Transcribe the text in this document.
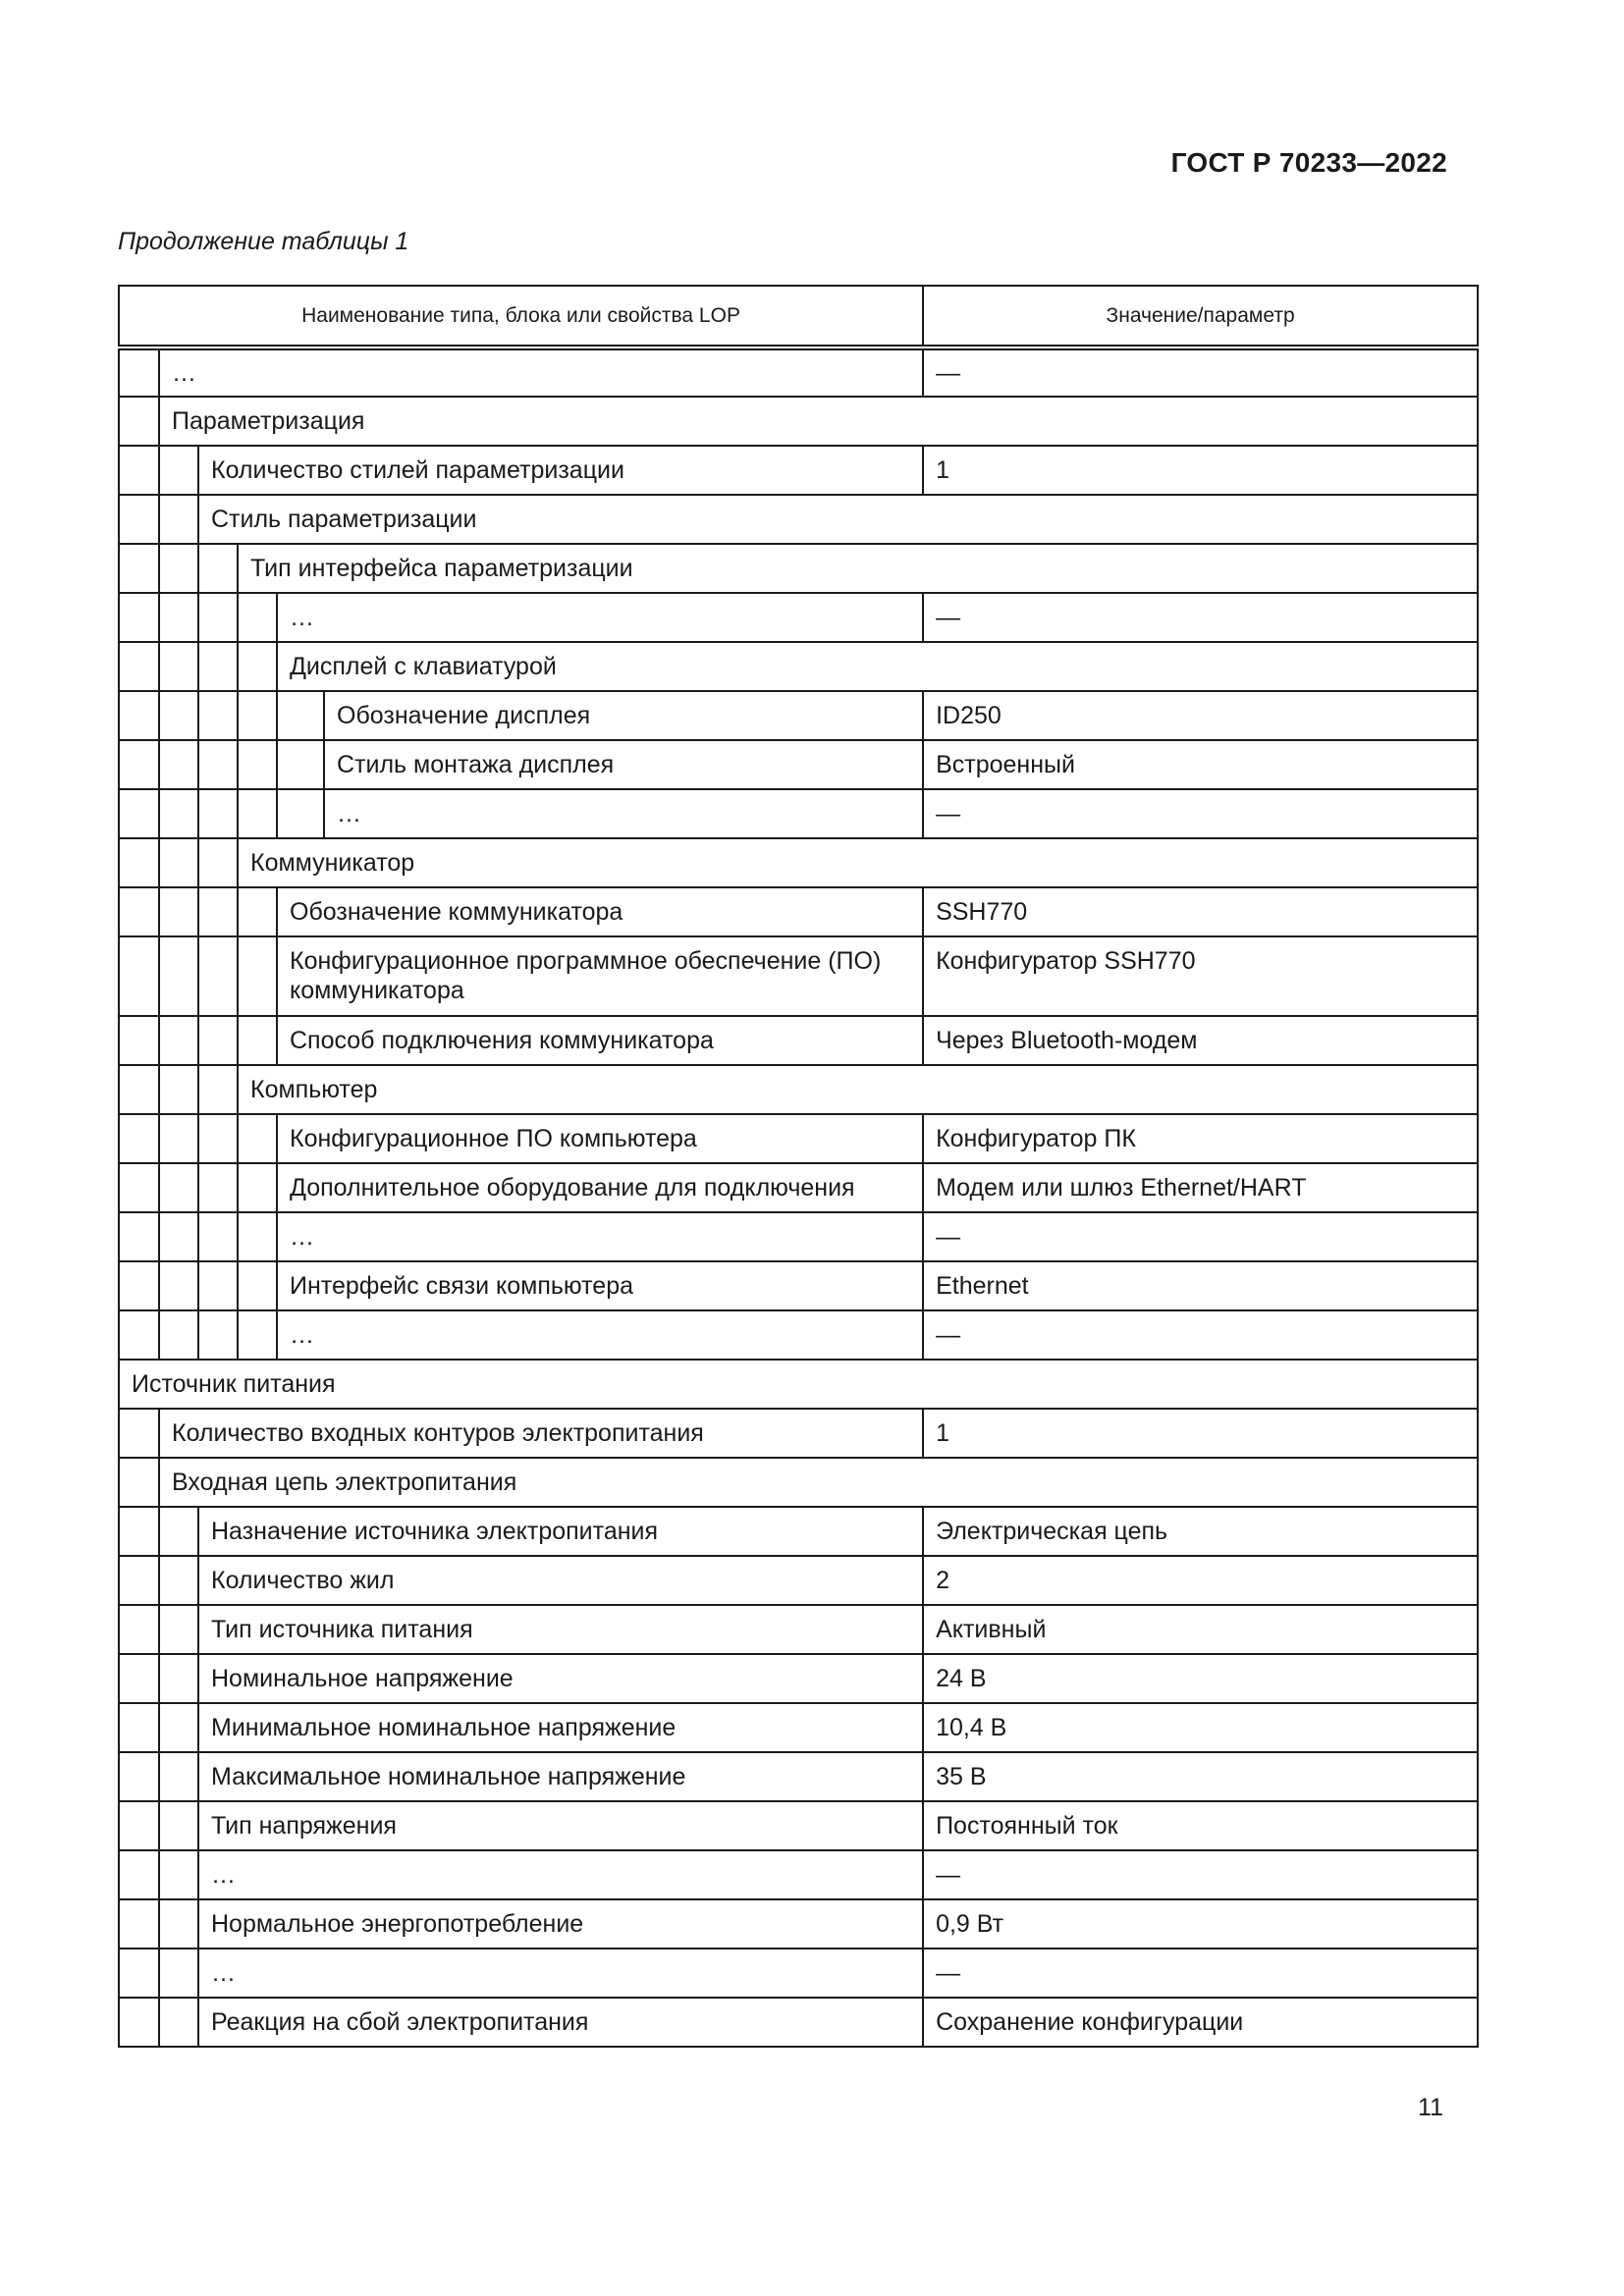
ГОСТ Р 70233—2022
Продолжение таблицы 1
Наименование типа, блока или свойства LOP						Значение/параметр
	…					—
	Параметризация					
		Количество стилей параметризации				1
		Стиль параметризации				
			Тип интерфейса параметризации			
				…		—
				Дисплей с клавиатурой		
					Обозначение дисплея	ID250
					Стиль монтажа дисплея	Встроенный
					…	—
			Коммуникатор			
				Обозначение коммуникатора		SSH770
				Конфигурационное программное обеспечение (ПО) коммуникатора		Конфигуратор SSH770
				Способ подключения коммуникатора		Через Bluetooth-модем
			Компьютер			
				Конфигурационное ПО компьютера		Конфигуратор ПК
				Дополнительное оборудование для подключения		Модем или шлюз Ethernet/HART
				…		—
				Интерфейс связи компьютера		Ethernet
				…		—
Источник питания						
	Количество входных контуров электропитания					1
	Входная цепь электропитания					
		Назначение источника электропитания				Электрическая цепь
		Количество жил				2
		Тип источника питания				Активный
		Номинальное напряжение				24 В
		Минимальное номинальное напряжение				10,4 В
		Максимальное номинальное напряжение				35 В
		Тип напряжения				Постоянный ток
		…				—
		Нормальное энергопотребление				0,9 Вт
		…				—
		Реакция на сбой электропитания				Сохранение конфигурации
11
